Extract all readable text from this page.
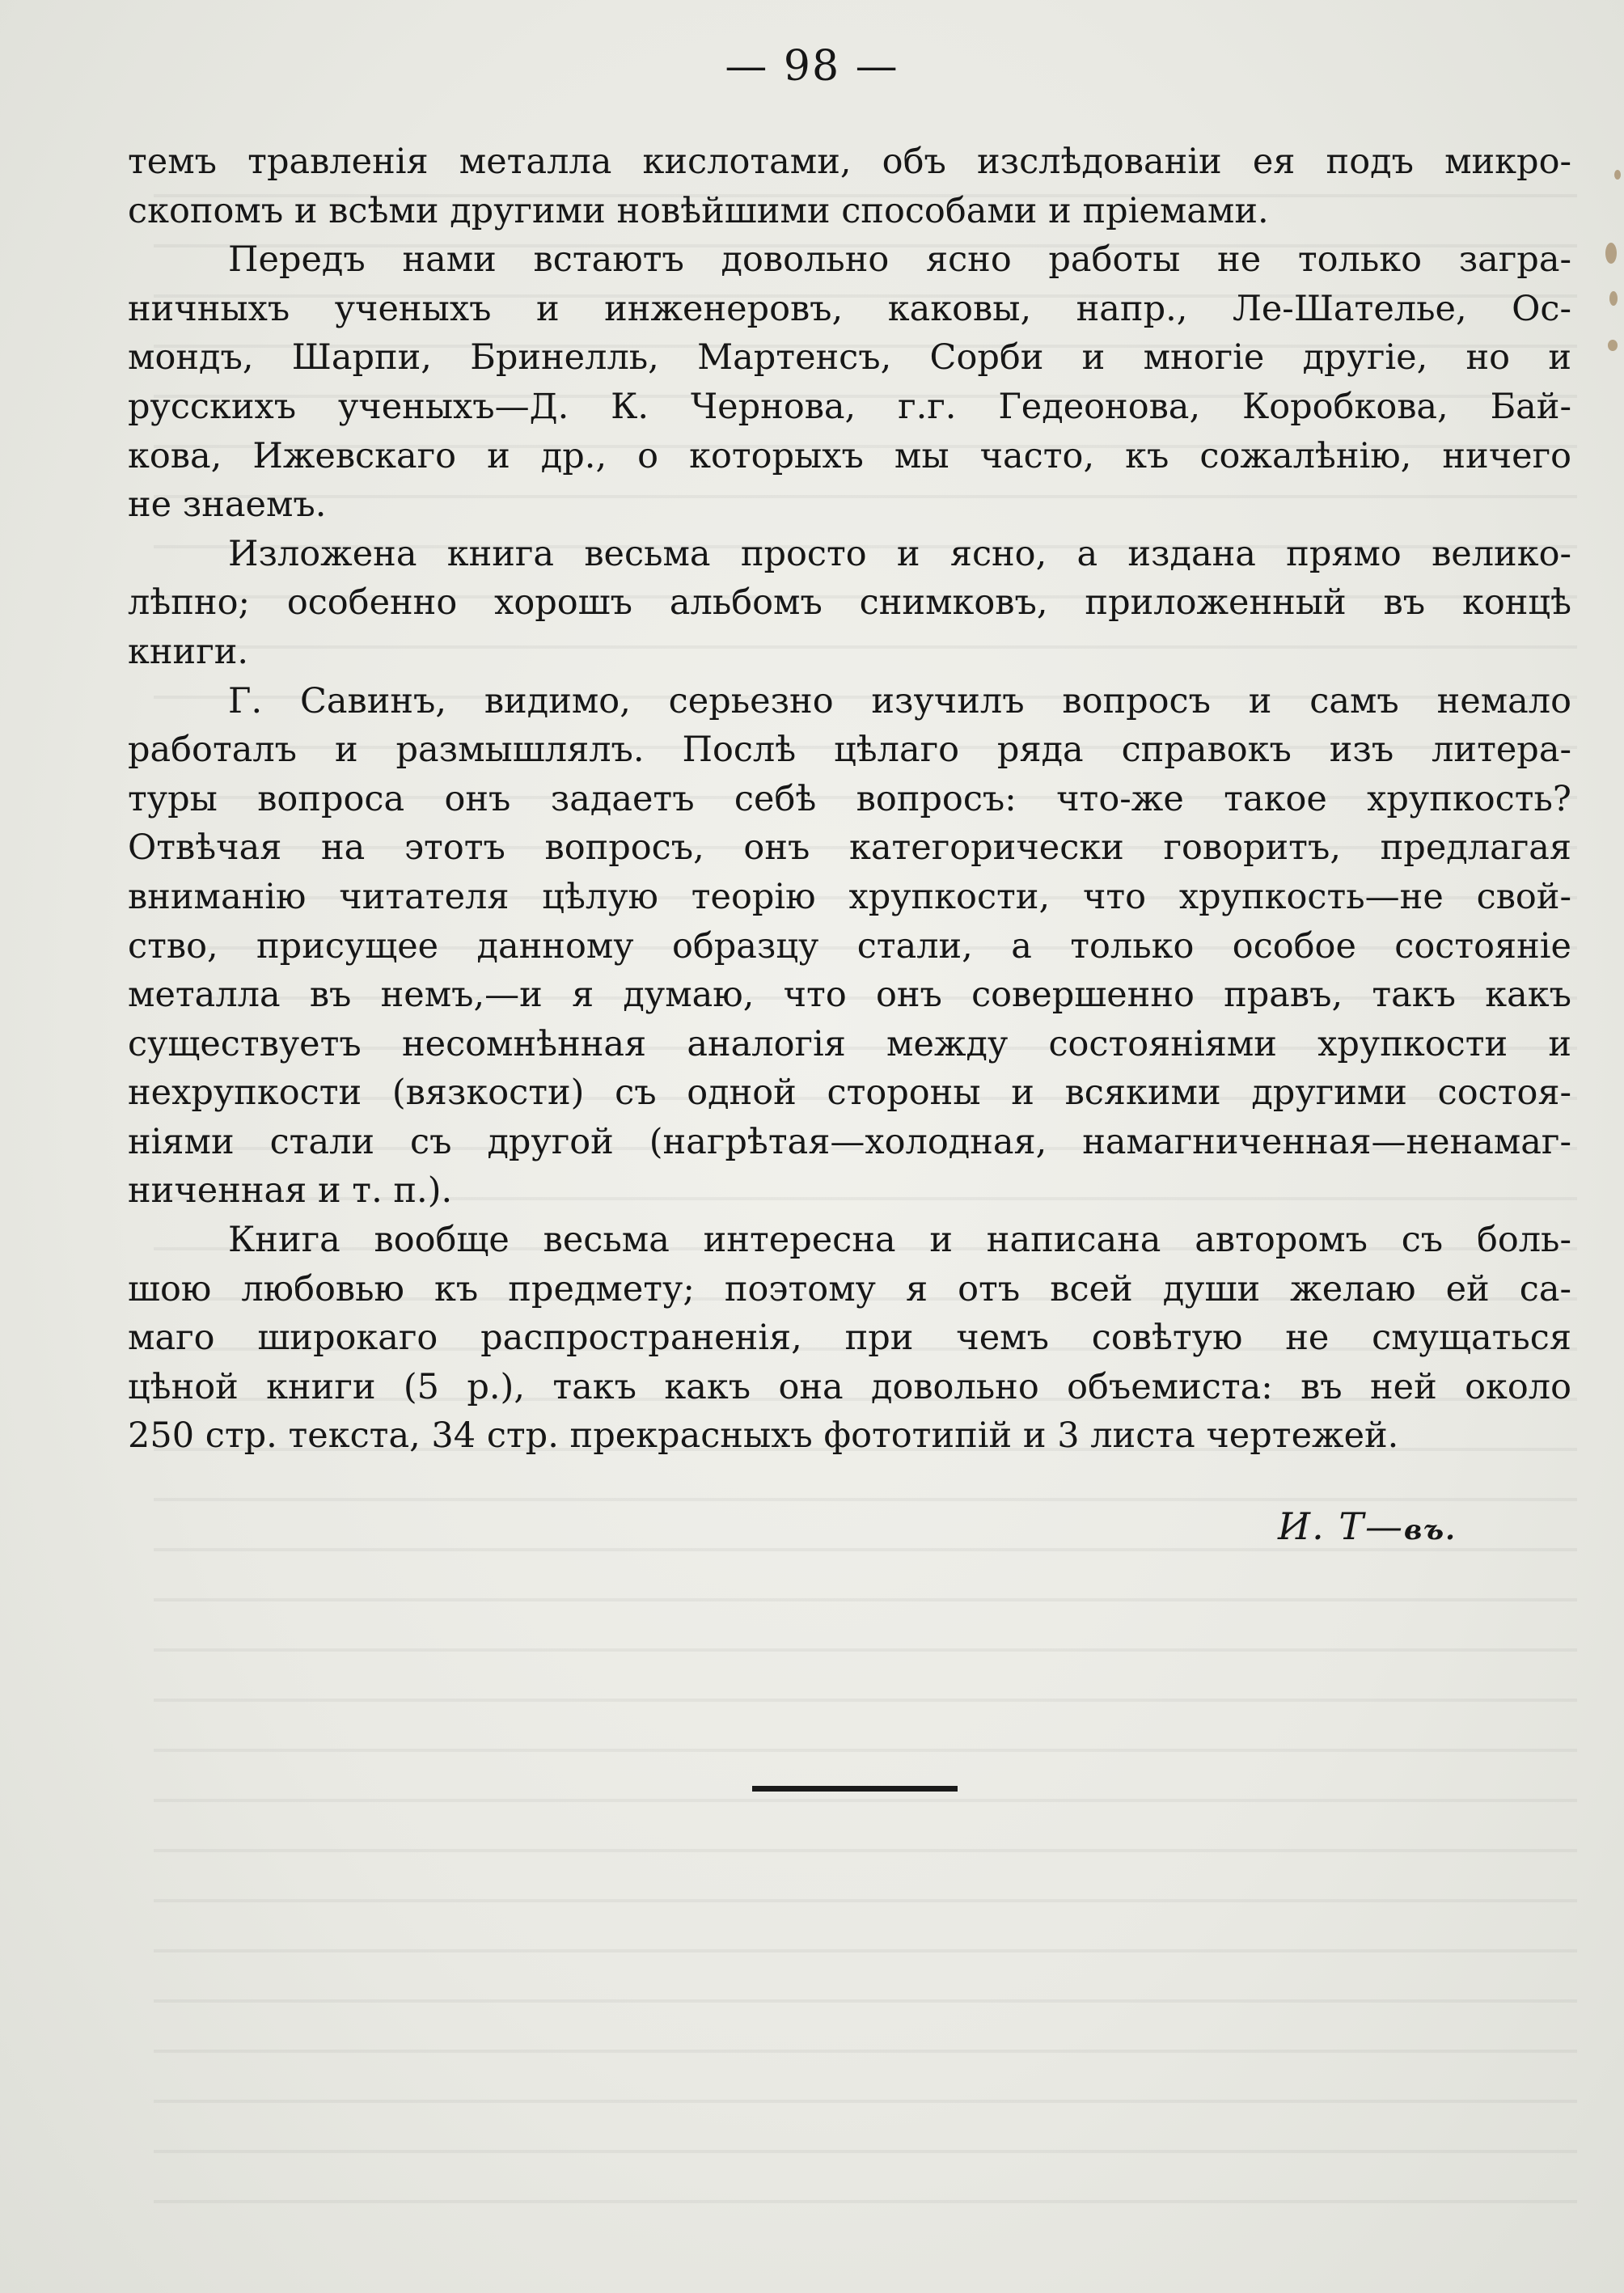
— 98 —

темъ травленія металла кислотами, объ изслѣдованіи ея подъ микро-
скопомъ и всѣми другими новѣйшими способами и пріемами.

Передъ нами встаютъ довольно ясно работы не только загра-
ничныхъ ученыхъ и инженеровъ, каковы, напр., Ле-Шателье, Ос-
мондъ, Шарпи, Бринелль, Мартенсъ, Сорби и многіе другіе, но и
русскихъ ученыхъ—Д. К. Чернова, г.г. Гедеонова, Коробкова, Бай-
кова, Ижевскаго и др., о которыхъ мы часто, къ сожалѣнію, ничего
не знаемъ.

Изложена книга весьма просто и ясно, а издана прямо велико-
лѣпно; особенно хорошъ альбомъ снимковъ, приложенный въ концѣ
книги.

Г. Савинъ, видимо, серьезно изучилъ вопросъ и самъ немало
работалъ и размышлялъ. Послѣ цѣлаго ряда справокъ изъ литера-
туры вопроса онъ задаетъ себѣ вопросъ: что-же такое хрупкость?
Отвѣчая на этотъ вопросъ, онъ категорически говоритъ, предлагая
вниманію читателя цѣлую теорію хрупкости, что хрупкость—не свой-
ство, присущее данному образцу стали, а только особое состояніе
металла въ немъ,—и я думаю, что онъ совершенно правъ, такъ какъ
существуетъ несомнѣнная аналогія между состояніями хрупкости и
нехрупкости (вязкости) съ одной стороны и всякими другими состоя-
ніями стали съ другой (нагрѣтая—холодная, намагниченная—ненамаг-
ниченная и т. п.).

Книга вообще весьма интересна и написана авторомъ съ боль-
шою любовью къ предмету; поэтому я отъ всей души желаю ей са-
маго широкаго распространенія, при чемъ совѣтую не смущаться
цѣной книги (5 р.), такъ какъ она довольно объемиста: въ ней около
250 стр. текста, 34 стр. прекрасныхъ фототипій и 3 листа чертежей.

И. Т—въ.
